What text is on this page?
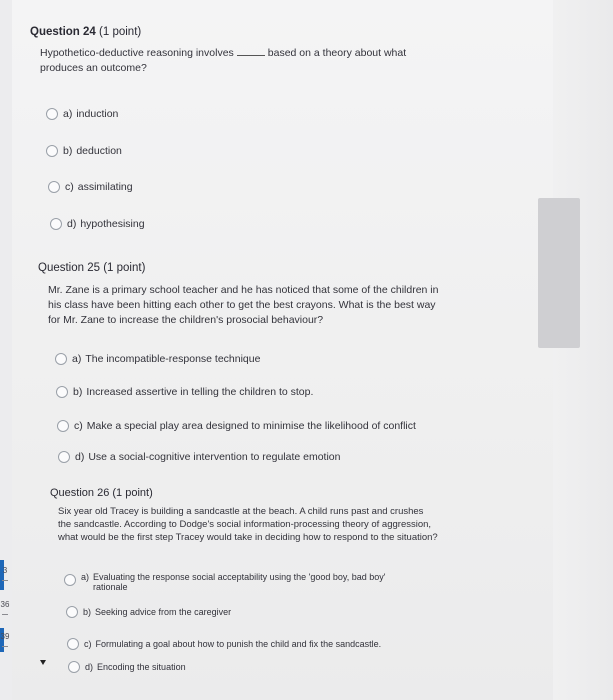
3
36
39
Question 24 (1 point)
Hypothetico-deductive reasoning involves	based on a theory about what produces an outcome?
a) induction
b) deduction
c) assimilating
d) hypothesising
Question 25 (1 point)
Mr. Zane is a primary school teacher and he has noticed that some of the children in his class have been hitting each other to get the best crayons. What is the best way for Mr. Zane to increase the children's prosocial behaviour?
a) The incompatible-response technique
b) Increased assertive in telling the children to stop.
c) Make a special play area designed to minimise the likelihood of conflict
d) Use a social-cognitive intervention to regulate emotion
Question 26 (1 point)
Six year old Tracey is building a sandcastle at the beach. A child runs past and crushes the sandcastle. According to Dodge's social information-processing theory of aggression, what would be the first step Tracey would take in deciding how to respond to the situation?
a) Evaluating the response social acceptability using the 'good boy, bad boy' rationale
b) Seeking advice from the caregiver
c) Formulating a goal about how to punish the child and fix the sandcastle.
d) Encoding the situation
